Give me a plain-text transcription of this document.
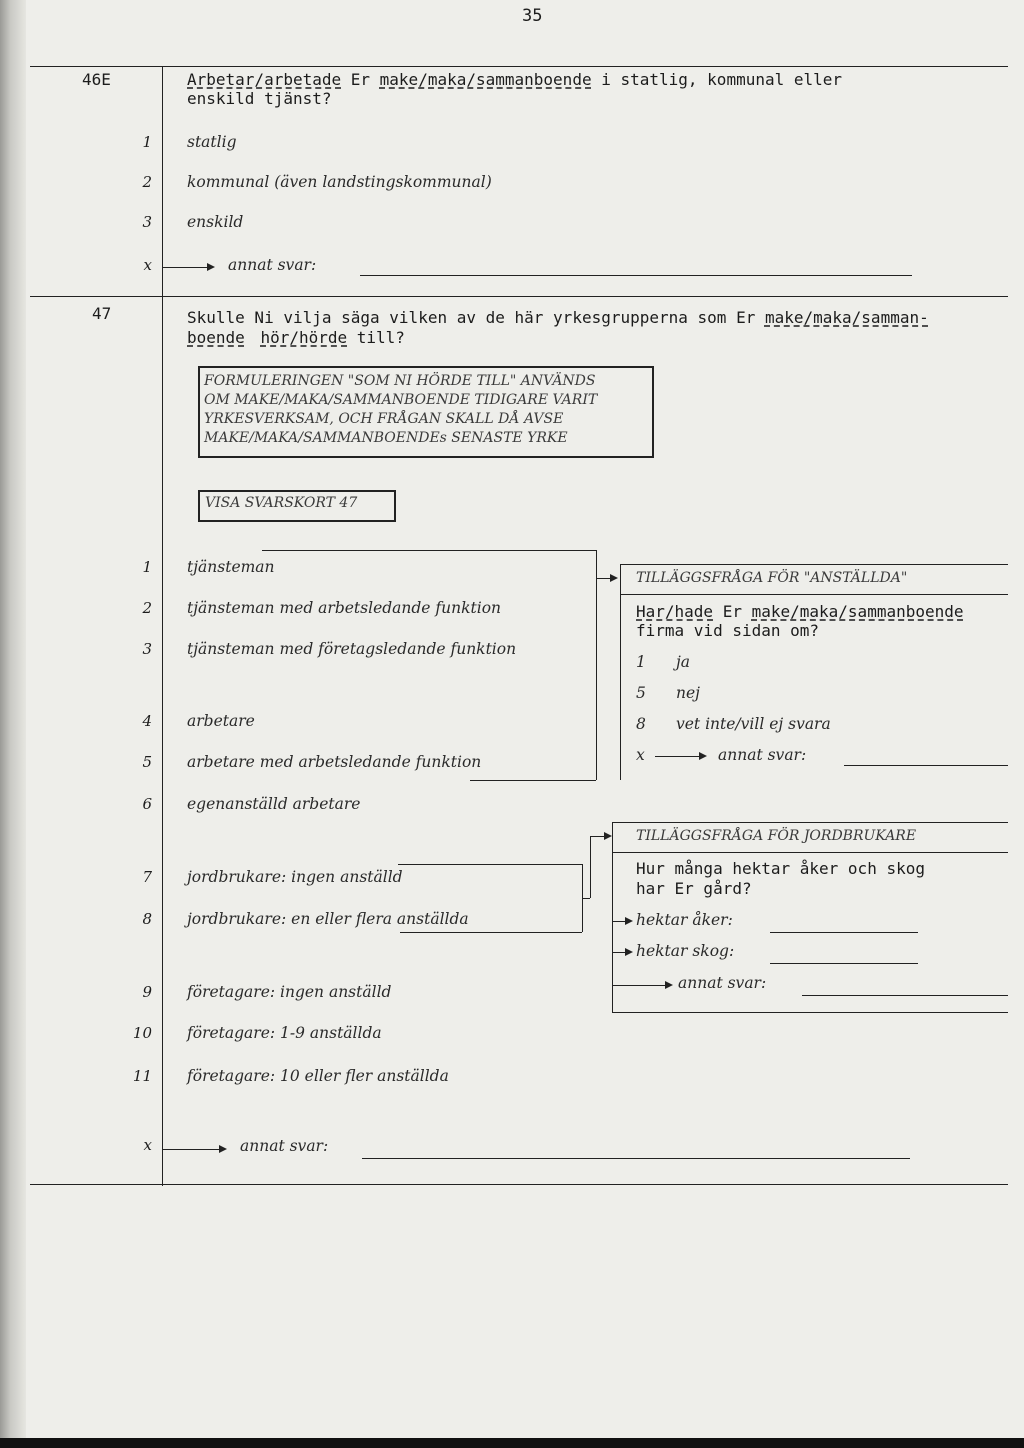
35
46E	Arbetar/arbetade Er make/maka/sammanboende i statlig, kommunal eller
enskild tjänst?
1 statlig
2 kommunal (även landstingskommunal)
3 enskild
x	annat svar:
47	Skulle Ni vilja säga vilken av de här yrkesgrupperna som Er make/maka/samman-
boende hör/hörde till?
FORMULERINGEN "SOM NI HÖRDE TILL" ANVÄNDS
OM MAKE/MAKA/SAMMANBOENDE TIDIGARE VARIT
YRKESVERKSAM, OCH FRÅGAN SKALL DÅ AVSE
MAKE/MAKA/SAMMANBOENDEs SENASTE YRKE
VISA SVARSKORT 47
1 tjänsteman
2 tjänsteman med arbetsledande funktion
3 tjänsteman med företagsledande funktion
4 arbetare
5 arbetare med arbetsledande funktion
6 egenanställd arbetare
7 jordbrukare: ingen anställd
8 jordbrukare: en eller flera anställda
9 företagare: ingen anställd
10 företagare: 1-9 anställda
11 företagare: 10 eller fler anställda
x	annat svar:
TILLÄGGSFRÅGA FÖR "ANSTÄLLDA"
Har/hade Er make/maka/sammanboende
firma vid sidan om?
1 ja
5 nej
8 vet inte/vill ej svara
x	annat svar:
TILLÄGGSFRÅGA FÖR JORDBRUKARE
Hur många hektar åker och skog
har Er gård?
hektar åker:
hektar skog:
annat svar:
